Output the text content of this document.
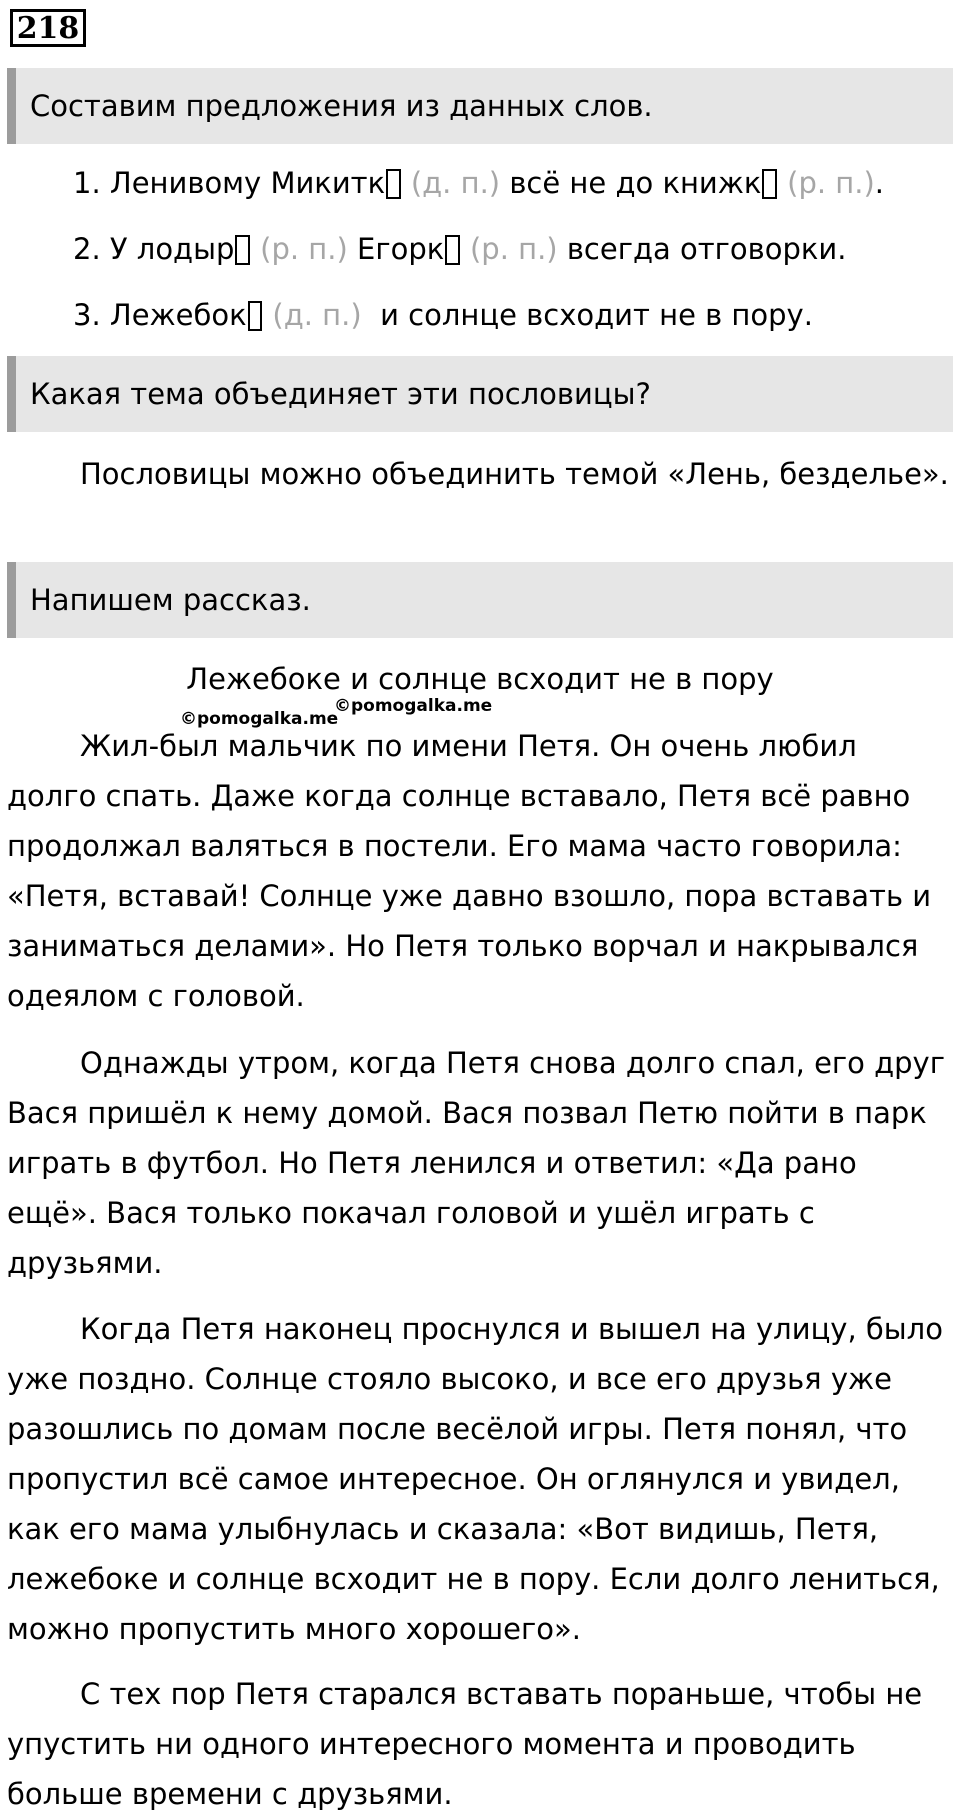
218
Составим предложения из данных слов.
1. Ленивому Микитк (д. п.) всё не до книжк (р. п.).
2. У лодыр (р. п.) Егорк (р. п.) всегда отговорки.
3. Лежебок (д. п.) и солнце всходит не в пору.
Какая тема объединяет эти пословицы?

Пословицы можно объединить темой «Лень, безделье».

Напишем рассказ.
Лежебоке и солнце всходит не в пору
©pomogalka.me
©pomogalka.me

Жил-был мальчик по имени Петя. Он очень любил долго спать. Даже когда солнце вставало, Петя всё равно продолжал валяться в постели. Его мама часто говорила: «Петя, вставай! Солнце уже давно взошло, пора вставать и заниматься делами». Но Петя только ворчал и накрывался одеялом с головой.

Однажды утром, когда Петя снова долго спал, его друг Вася пришёл к нему домой. Вася позвал Петю пойти в парк играть в футбол. Но Петя ленился и ответил: «Да рано ещё». Вася только покачал головой и ушёл играть с друзьями.

Когда Петя наконец проснулся и вышел на улицу, было уже поздно. Солнце стояло высоко, и все его друзья уже разошлись по домам после весёлой игры. Петя понял, что пропустил всё самое интересное. Он оглянулся и увидел, как его мама улыбнулась и сказала: «Вот видишь, Петя, лежебоке и солнце всходит не в пору. Если долго лениться, можно пропустить много хорошего».

С тех пор Петя старался вставать пораньше, чтобы не упустить ни одного интересного момента и проводить больше времени с друзьями.
